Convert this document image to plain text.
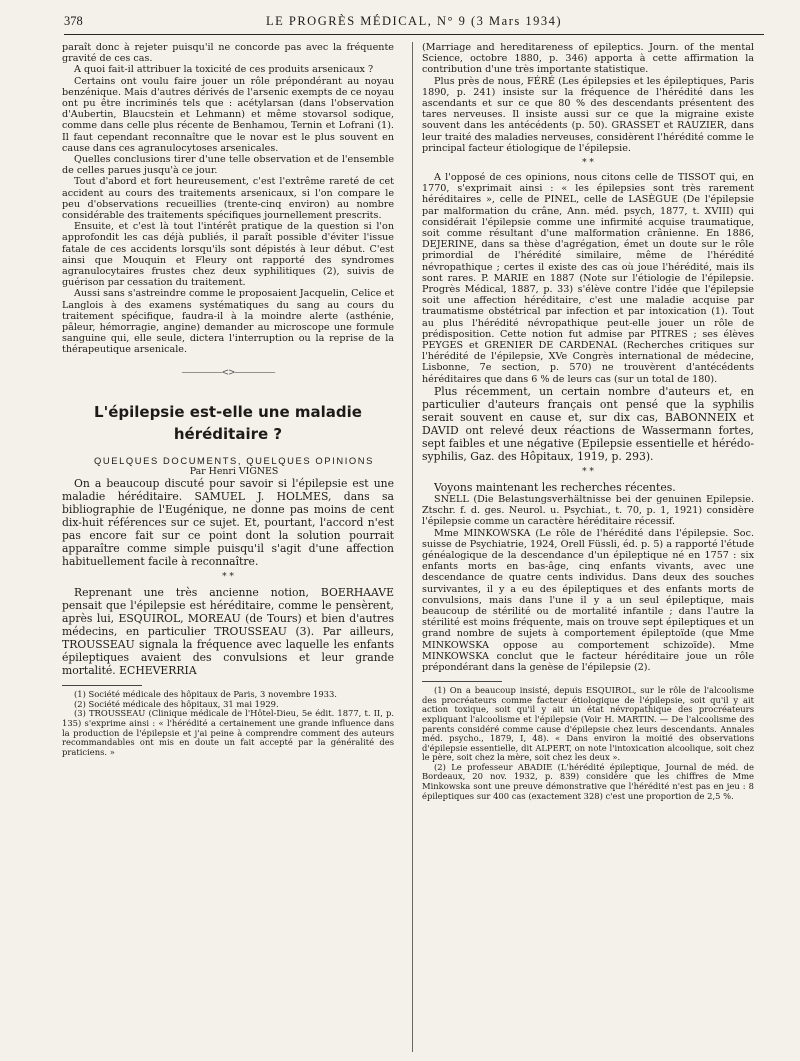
378	LE PROGRÈS MÉDICAL, N° 9 (3 Mars 1934)

paraît donc à rejeter puisqu'il ne concorde pas avec la fréquente gravité de ces cas.

A quoi fait-il attribuer la toxicité de ces produits arsenicaux ?

Certains ont voulu faire jouer un rôle prépondérant au noyau benzénique. Mais d'autres dérivés de l'arsenic exempts de ce noyau ont pu être incriminés tels que : acétylarsan (dans l'observation d'Aubertin, Blaucstein et Lehmann) et même stovarsol sodique, comme dans celle plus récente de Benhamou, Ternin et Lofrani (1). Il faut cependant reconnaître que le novar est le plus souvent en cause dans ces agranulocytoses arsenicales.

Quelles conclusions tirer d'une telle observation et de l'ensemble de celles parues jusqu'à ce jour.

Tout d'abord et fort heureusement, c'est l'extrême rareté de cet accident au cours des traitements arsenicaux, si l'on compare le peu d'observations recueillies (trente-cinq environ) au nombre considérable des traitements spécifiques journellement prescrits.

Ensuite, et c'est là tout l'intérêt pratique de la question si l'on approfondit les cas déjà publiés, il paraît possible d'éviter l'issue fatale de ces accidents lorsqu'ils sont dépistés à leur début. C'est ainsi que Mouquin et Fleury ont rapporté des syndromes agranulocytaires frustes chez deux syphilitiques (2), suivis de guérison par cessation du traitement.

Aussi sans s'astreindre comme le proposaient Jacquelin, Celice et Langlois à des examens systématiques du sang au cours du traitement spécifique, faudra-il à la moindre alerte (asthénie, pâleur, hémorragie, angine) demander au microscope une formule sanguine qui, elle seule, dictera l'interruption ou la reprise de la thérapeutique arsenicale.

—————<>—————
L'épilepsie est-elle une maladie héréditaire ?

QUELQUES DOCUMENTS, QUELQUES OPINIONS

Par Henri VIGNES

On a beaucoup discuté pour savoir si l'épilepsie est une maladie héréditaire. SAMUEL J. HOLMES, dans sa bibliographie de l'Eugénique, ne donne pas moins de cent dix-huit références sur ce sujet. Et, pourtant, l'accord n'est pas encore fait sur ce point dont la solution pourrait apparaître comme simple puisqu'il s'agit d'une affection habituellement facile à reconnaître.

* *

Reprenant une très ancienne notion, BOERHAAVE pensait que l'épilepsie est héréditaire, comme le pensèrent, après lui, ESQUIROL, MOREAU (de Tours) et bien d'autres médecins, en particulier TROUSSEAU (3). Par ailleurs, TROUSSEAU signala la fréquence avec laquelle les enfants épileptiques avaient des convulsions et leur grande mortalité. ECHEVERRIA

(1) Société médicale des hôpitaux de Paris, 3 novembre 1933.

(2) Société médicale des hôpitaux, 31 mai 1929.

(3) TROUSSEAU (Clinique médicale de l'Hôtel-Dieu, 5e édit. 1877, t. II, p. 135) s'exprime ainsi : « l'hérédité a certainement une grande influence dans la production de l'épilepsie et j'ai peine à comprendre comment des auteurs recommandables ont mis en doute un fait accepté par la généralité des praticiens. »

(Marriage and hereditareness of epileptics. Journ. of the mental Science, octobre 1880, p. 346) apporta à cette affirmation la contribution d'une très importante statistique.

Plus près de nous, FÉRÉ (Les épilepsies et les épileptiques, Paris 1890, p. 241) insiste sur la fréquence de l'hérédité dans les ascendants et sur ce que 80 % des descendants présentent des tares nerveuses. Il insiste aussi sur ce que la migraine existe souvent dans les antécédents (p. 50). GRASSET et RAUZIER, dans leur traité des maladies nerveuses, considèrent l'hérédité comme le principal facteur étiologique de l'épilepsie.

* *

A l'opposé de ces opinions, nous citons celle de TISSOT qui, en 1770, s'exprimait ainsi : « les épilepsies sont très rarement héréditaires », celle de PINEL, celle de LASÈGUE (De l'épilepsie par malformation du crâne, Ann. méd. psych, 1877, t. XVIII) qui considérait l'épilepsie comme une infirmité acquise traumatique, soit comme résultant d'une malformation crânienne. En 1886, DEJERINE, dans sa thèse d'agrégation, émet un doute sur le rôle primordial de l'hérédité similaire, même de l'hérédité névropathique ; certes il existe des cas où joue l'hérédité, mais ils sont rares. P. MARIE en 1887 (Note sur l'étiologie de l'épilepsie. Progrès Médical, 1887, p. 33) s'élève contre l'idée que l'épilepsie soit une affection héréditaire, c'est une maladie acquise par traumatisme obstétrical par infection et par intoxication (1). Tout au plus l'hérédité névropathique peut-elle jouer un rôle de prédisposition. Cette notion fut admise par PITRES ; ses élèves PEYGES et GRENIER DE CARDENAL (Recherches critiques sur l'hérédité de l'épilepsie, XVe Congrès international de médecine, Lisbonne, 7e section, p. 570) ne trouvèrent d'antécédents héréditaires que dans 6 % de leurs cas (sur un total de 180).

Plus récemment, un certain nombre d'auteurs et, en particulier d'auteurs français ont pensé que la syphilis serait souvent en cause et, sur dix cas, BABONNEIX et DAVID ont relevé deux réactions de Wassermann fortes, sept faibles et une négative (Epilepsie essentielle et hérédo-syphilis, Gaz. des Hôpitaux, 1919, p. 293).

* *

Voyons maintenant les recherches récentes.

SNELL (Die Belastungsverhältnisse bei der genuinen Epilepsie. Ztschr. f. d. ges. Neurol. u. Psychiat., t. 70, p. 1, 1921) considère l'épilepsie comme un caractère héréditaire récessif.

Mme MINKOWSKA (Le rôle de l'hérédité dans l'épilepsie. Soc. suisse de Psychiatrie, 1924, Orell Füssli, éd. p. 5) a rapporté l'étude généalogique de la descendance d'un épileptique né en 1757 : six enfants morts en bas-âge, cinq enfants vivants, avec une descendance de quatre cents individus. Dans deux des souches survivantes, il y a eu des épileptiques et des enfants morts de convulsions, mais dans l'une il y a un seul épileptique, mais beaucoup de stérilité ou de mortalité infantile ; dans l'autre la stérilité est moins fréquente, mais on trouve sept épileptiques et un grand nombre de sujets à comportement épileptoïde (que Mme MINKOWSKA oppose au comportement schizoïde). Mme MINKOWSKA conclut que le facteur héréditaire joue un rôle prépondérant dans la genèse de l'épilepsie (2).

(1) On a beaucoup insisté, depuis ESQUIROL, sur le rôle de l'alcoolisme des procréateurs comme facteur étiologique de l'épilepsie, soit qu'il y ait action toxique, soit qu'il y ait un état névropathique des procréateurs expliquant l'alcoolisme et l'épilepsie (Voir H. MARTIN. — De l'alcoolisme des parents considéré comme cause d'épilepsie chez leurs descendants. Annales méd. psycho., 1879, I, 48). « Dans environ la moitié des observations d'épilepsie essentielle, dit ALPERT, on note l'intoxication alcoolique, soit chez le père, soit chez la mère, soit chez les deux ».

(2) Le professeur ABADIE (L'hérédité épileptique, Journal de méd. de Bordeaux, 20 nov. 1932, p. 839) considère que les chiffres de Mme Minkowska sont une preuve démonstrative que l'hérédité n'est pas en jeu : 8 épileptiques sur 400 cas (exactement 328) c'est une proportion de 2,5 %.
